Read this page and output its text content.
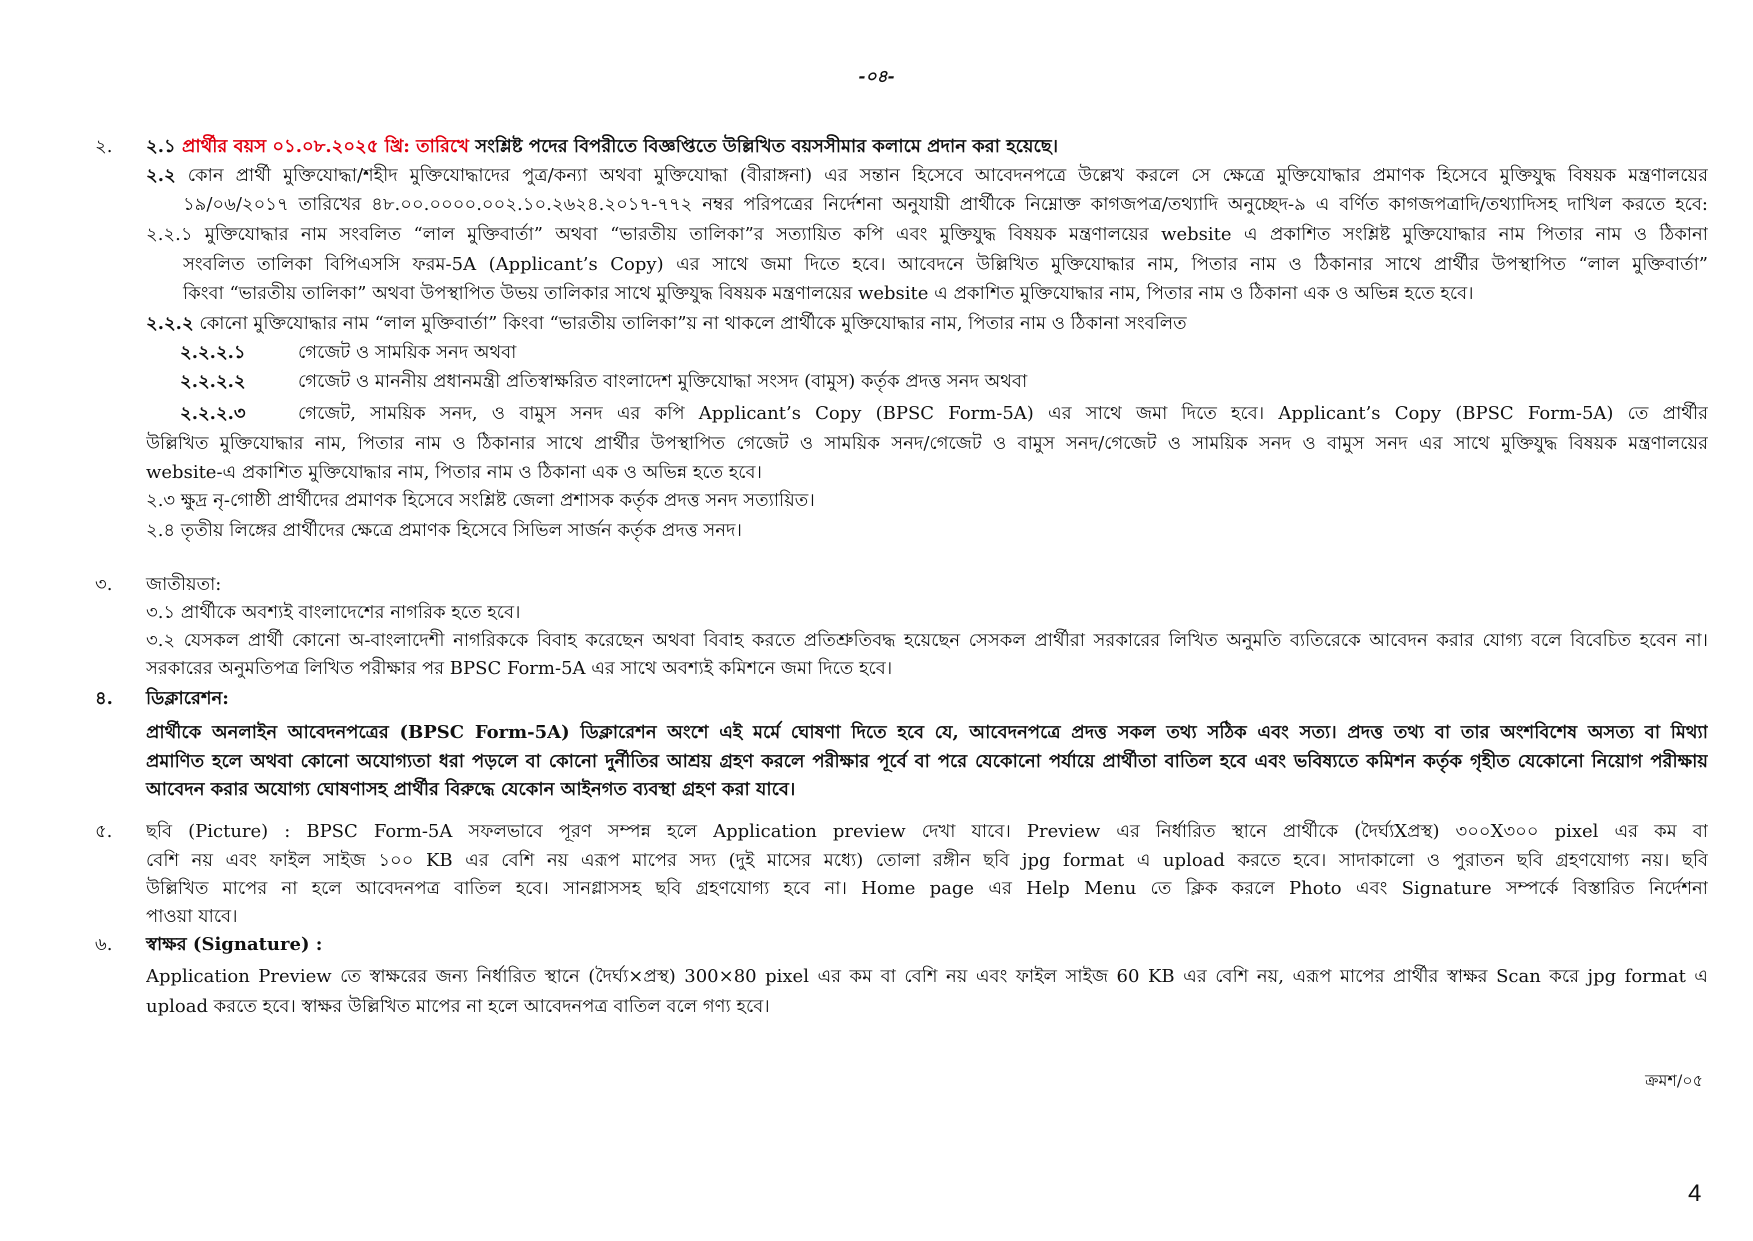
-০৪-
২. ২.১ প্রার্থীর বয়স ০১.০৮.২০২৫ খ্রি: তারিখে সংশ্লিষ্ট পদের বিপরীতে বিজ্ঞপ্তিতে উল্লিখিত বয়সসীমার কলামে প্রদান করা হয়েছে।
২.২ কোন প্রার্থী মুক্তিযোদ্ধা/শহীদ মুক্তিযোদ্ধাদের পুত্র/কন্যা অথবা মুক্তিযোদ্ধা (বীরাঙ্গনা) এর সন্তান হিসেবে আবেদনপত্রে উল্লেখ করলে সে ক্ষেত্রে মুক্তিযোদ্ধার প্রমাণক হিসেবে মুক্তিযুদ্ধ বিষয়ক মন্ত্রণালয়ের
১৯/০৬/২০১৭ তারিখের ৪৮.০০.০০০০.০০২.১০.২৬২৪.২০১৭-৭৭২ নম্বর পরিপত্রের নির্দেশনা অনুযায়ী প্রার্থীকে নিম্নোক্ত কাগজপত্র/তথ্যাদি অনুচ্ছেদ-৯ এ বর্ণিত কাগজপত্রাদি/তথ্যাদিসহ দাখিল করতে হবে:
২.২.১ মুক্তিযোদ্ধার নাম সংবলিত “লাল মুক্তিবার্তা” অথবা “ভারতীয় তালিকা”র সত্যায়িত কপি এবং মুক্তিযুদ্ধ বিষয়ক মন্ত্রণালয়ের website এ প্রকাশিত সংশ্লিষ্ট মুক্তিযোদ্ধার নাম পিতার নাম ও ঠিকানা
সংবলিত তালিকা বিপিএসসি ফরম-5A (Applicant’s Copy) এর সাথে জমা দিতে হবে। আবেদনে উল্লিখিত মুক্তিযোদ্ধার নাম, পিতার নাম ও ঠিকানার সাথে প্রার্থীর উপস্থাপিত “লাল মুক্তিবার্তা”
কিংবা “ভারতীয় তালিকা” অথবা উপস্থাপিত উভয় তালিকার সাথে মুক্তিযুদ্ধ বিষয়ক মন্ত্রণালয়ের website এ প্রকাশিত মুক্তিযোদ্ধার নাম, পিতার নাম ও ঠিকানা এক ও অভিন্ন হতে হবে।
২.২.২ কোনো মুক্তিযোদ্ধার নাম “লাল মুক্তিবার্তা” কিংবা “ভারতীয় তালিকা”য় না থাকলে প্রার্থীকে মুক্তিযোদ্ধার নাম, পিতার নাম ও ঠিকানা সংবলিত
২.২.২.১	গেজেট ও সাময়িক সনদ অথবা
২.২.২.২	গেজেট ও মাননীয় প্রধানমন্ত্রী প্রতিস্বাক্ষরিত বাংলাদেশ মুক্তিযোদ্ধা সংসদ (বামুস) কর্তৃক প্রদত্ত সনদ অথবা
২.২.২.৩	গেজেট, সাময়িক সনদ, ও বামুস সনদ এর কপি Applicant’s Copy (BPSC Form-5A) এর সাথে জমা দিতে হবে। Applicant’s Copy (BPSC Form-5A) তে প্রার্থীর
উল্লিখিত মুক্তিযোদ্ধার নাম, পিতার নাম ও ঠিকানার সাথে প্রার্থীর উপস্থাপিত গেজেট ও সাময়িক সনদ/গেজেট ও বামুস সনদ/গেজেট ও সাময়িক সনদ ও বামুস সনদ এর সাথে মুক্তিযুদ্ধ বিষয়ক মন্ত্রণালয়ের
website-এ প্রকাশিত মুক্তিযোদ্ধার নাম, পিতার নাম ও ঠিকানা এক ও অভিন্ন হতে হবে।
২.৩ ক্ষুদ্র নৃ-গোষ্ঠী প্রার্থীদের প্রমাণক হিসেবে সংশ্লিষ্ট জেলা প্রশাসক কর্তৃক প্রদত্ত সনদ সত্যায়িত।
২.৪ তৃতীয় লিঙ্গের প্রার্থীদের ক্ষেত্রে প্রমাণক হিসেবে সিভিল সার্জন কর্তৃক প্রদত্ত সনদ।
৩. জাতীয়তা:
৩.১ প্রার্থীকে অবশ্যই বাংলাদেশের নাগরিক হতে হবে।
৩.২ যেসকল প্রার্থী কোনো অ-বাংলাদেশী নাগরিককে বিবাহ করেছেন অথবা বিবাহ করতে প্রতিশ্রুতিবদ্ধ হয়েছেন সেসকল প্রার্থীরা সরকারের লিখিত অনুমতি ব্যতিরেকে আবেদন করার যোগ্য বলে বিবেচিত হবেন না।
সরকারের অনুমতিপত্র লিখিত পরীক্ষার পর BPSC Form-5A এর সাথে অবশ্যই কমিশনে জমা দিতে হবে।
৪. ডিক্লারেশন:
প্রার্থীকে অনলাইন আবেদনপত্রের (BPSC Form-5A) ডিক্লারেশন অংশে এই মর্মে ঘোষণা দিতে হবে যে, আবেদনপত্রে প্রদত্ত সকল তথ্য সঠিক এবং সত্য। প্রদত্ত তথ্য বা তার অংশবিশেষ অসত্য বা মিথ্যা
প্রমাণিত হলে অথবা কোনো অযোগ্যতা ধরা পড়লে বা কোনো দুর্নীতির আশ্রয় গ্রহণ করলে পরীক্ষার পূর্বে বা পরে যেকোনো পর্যায়ে প্রার্থীতা বাতিল হবে এবং ভবিষ্যতে কমিশন কর্তৃক গৃহীত যেকোনো নিয়োগ পরীক্ষায়
আবেদন করার অযোগ্য ঘোষণাসহ প্রার্থীর বিরুদ্ধে যেকোন আইনগত ব্যবস্থা গ্রহণ করা যাবে।
৫. ছবি (Picture) : BPSC Form-5A সফলভাবে পূরণ সম্পন্ন হলে Application preview দেখা যাবে। Preview এর নির্ধারিত স্থানে প্রার্থীকে (দৈর্ঘ্যXপ্রস্থ) ৩০০X৩০০ pixel এর কম বা
বেশি নয় এবং ফাইল সাইজ ১০০ KB এর বেশি নয় এরূপ মাপের সদ্য (দুই মাসের মধ্যে) তোলা রঙ্গীন ছবি jpg format এ upload করতে হবে। সাদাকালো ও পুরাতন ছবি গ্রহণযোগ্য নয়। ছবি
উল্লিখিত মাপের না হলে আবেদনপত্র বাতিল হবে। সানগ্লাসসহ ছবি গ্রহণযোগ্য হবে না। Home page এর Help Menu তে ক্লিক করলে Photo এবং Signature সম্পর্কে বিস্তারিত নির্দেশনা
পাওয়া যাবে।
৬. স্বাক্ষর (Signature) :
Application Preview তে স্বাক্ষরের জন্য নির্ধারিত স্থানে (দৈর্ঘ্য×প্রস্থ) 300×80 pixel এর কম বা বেশি নয় এবং ফাইল সাইজ 60 KB এর বেশি নয়, এরূপ মাপের প্রার্থীর স্বাক্ষর Scan করে jpg format এ
upload করতে হবে। স্বাক্ষর উল্লিখিত মাপের না হলে আবেদনপত্র বাতিল বলে গণ্য হবে।
ক্রমশ/০৫
4
